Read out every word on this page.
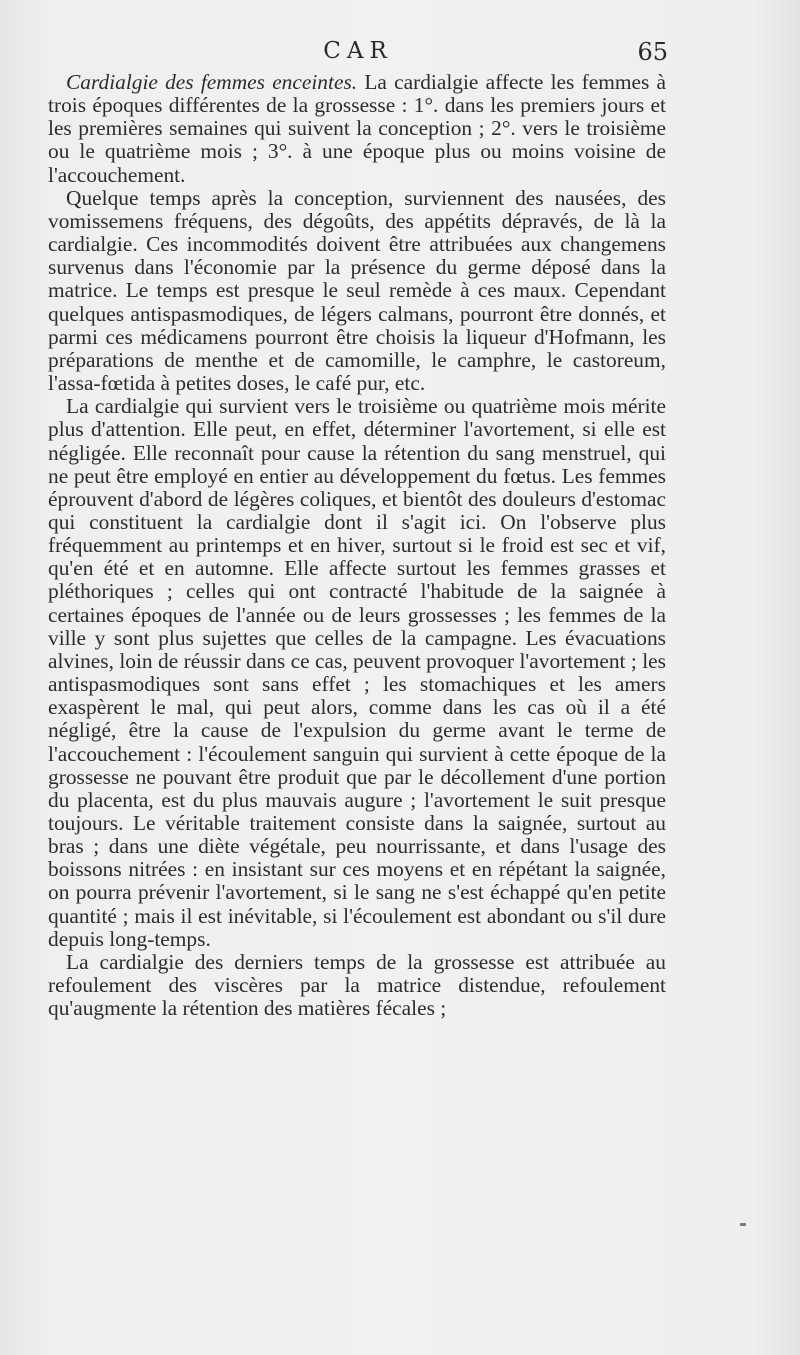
CAR	65

Cardialgie des femmes enceintes. La cardialgie affecte les femmes à trois époques différentes de la grossesse : 1°. dans les premiers jours et les premières semaines qui suivent la conception ; 2°. vers le troisième ou le quatrième mois ; 3°. à une époque plus ou moins voisine de l'accouchement.

Quelque temps après la conception, surviennent des nausées, des vomissemens fréquens, des dégoûts, des appétits dépravés, de là la cardialgie. Ces incommodités doivent être attribuées aux changemens survenus dans l'économie par la présence du germe déposé dans la matrice. Le temps est presque le seul remède à ces maux. Cependant quelques antispasmodiques, de légers calmans, pourront être donnés, et parmi ces médicamens pourront être choisis la liqueur d'Hofmann, les préparations de menthe et de camomille, le camphre, le castoreum, l'assa-fœtida à petites doses, le café pur, etc.

La cardialgie qui survient vers le troisième ou quatrième mois mérite plus d'attention. Elle peut, en effet, déterminer l'avortement, si elle est négligée. Elle reconnaît pour cause la rétention du sang menstruel, qui ne peut être employé en entier au développement du fœtus. Les femmes éprouvent d'abord de légères coliques, et bientôt des douleurs d'estomac qui constituent la cardialgie dont il s'agit ici. On l'observe plus fréquemment au printemps et en hiver, surtout si le froid est sec et vif, qu'en été et en automne. Elle affecte surtout les femmes grasses et pléthoriques ; celles qui ont contracté l'habitude de la saignée à certaines époques de l'année ou de leurs grossesses ; les femmes de la ville y sont plus sujettes que celles de la campagne. Les évacuations alvines, loin de réussir dans ce cas, peuvent provoquer l'avortement ; les antispasmodiques sont sans effet ; les stomachiques et les amers exaspèrent le mal, qui peut alors, comme dans les cas où il a été négligé, être la cause de l'expulsion du germe avant le terme de l'accouchement : l'écoulement sanguin qui survient à cette époque de la grossesse ne pouvant être produit que par le décollement d'une portion du placenta, est du plus mauvais augure ; l'avortement le suit presque toujours. Le véritable traitement consiste dans la saignée, surtout au bras ; dans une diète végétale, peu nourrissante, et dans l'usage des boissons nitrées : en insistant sur ces moyens et en répétant la saignée, on pourra prévenir l'avortement, si le sang ne s'est échappé qu'en petite quantité ; mais il est inévitable, si l'écoulement est abondant ou s'il dure depuis long-temps.

La cardialgie des derniers temps de la grossesse est attribuée au refoulement des viscères par la matrice distendue, refoulement qu'augmente la rétention des matières fécales ;
